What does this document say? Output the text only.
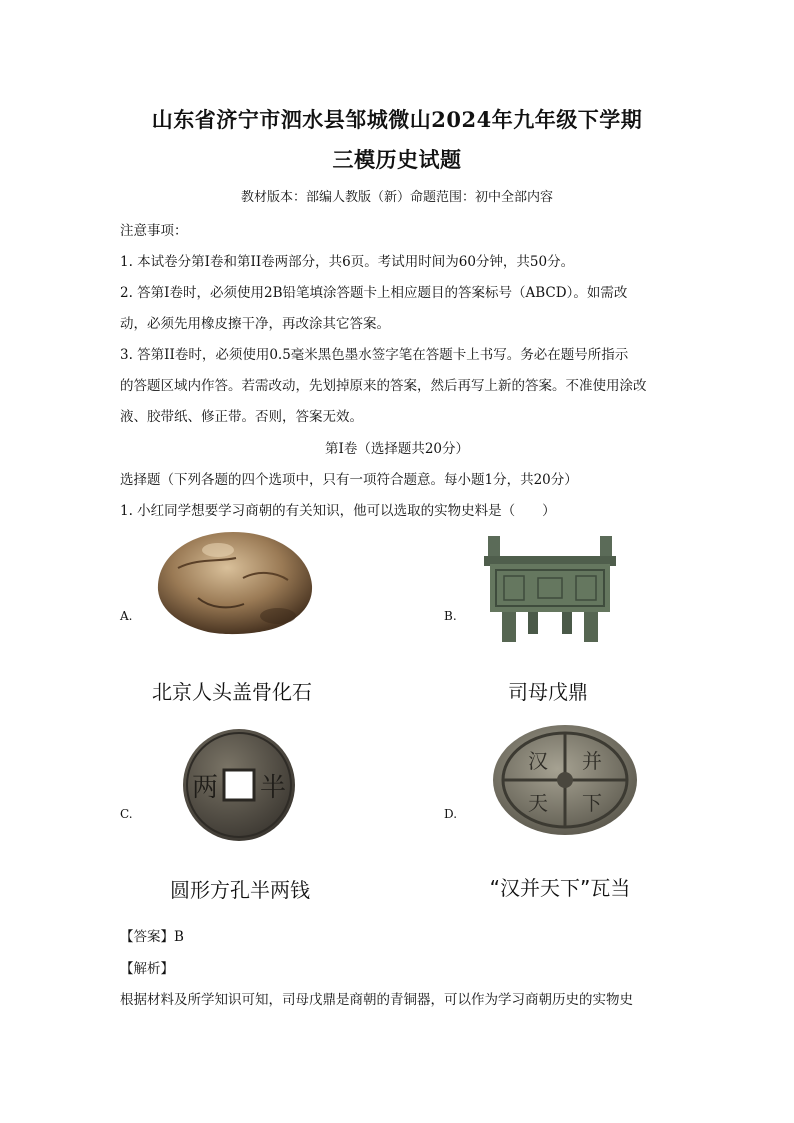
山东省济宁市泗水县邹城微山2024年九年级下学期
三模历史试题
教材版本：部编人教版（新）命题范围：初中全部内容
注意事项：
1. 本试卷分第Ⅰ卷和第II卷两部分，共6页。考试用时间为60分钟，共50分。
2. 答第Ⅰ卷时，必须使用2B铅笔填涂答题卡上相应题目的答案标号（ABCD）。如需改
动，必须先用橡皮擦干净，再改涂其它答案。
3. 答第II卷时，必须使用0.5毫米黑色墨水签字笔在答题卡上书写。务必在题号所指示
的答题区域内作答。若需改动，先划掉原来的答案，然后再写上新的答案。不准使用涂改
液、胶带纸、修正带。否则，答案无效。
第Ⅰ卷（选择题共20分）
选择题（下列各题的四个选项中，只有一项符合题意。每小题1分，共20分）
1. 小红同学想要学习商朝的有关知识，他可以选取的实物史料是（　　）
A.
北京人头盖骨化石
B.
司母戊鼎
C.
两 半
圆形方孔半两钱
D.
汉 并
天 下
“汉并天下”瓦当
【答案】B
【解析】
根据材料及所学知识可知，司母戊鼎是商朝的青铜器，可以作为学习商朝历史的实物史
